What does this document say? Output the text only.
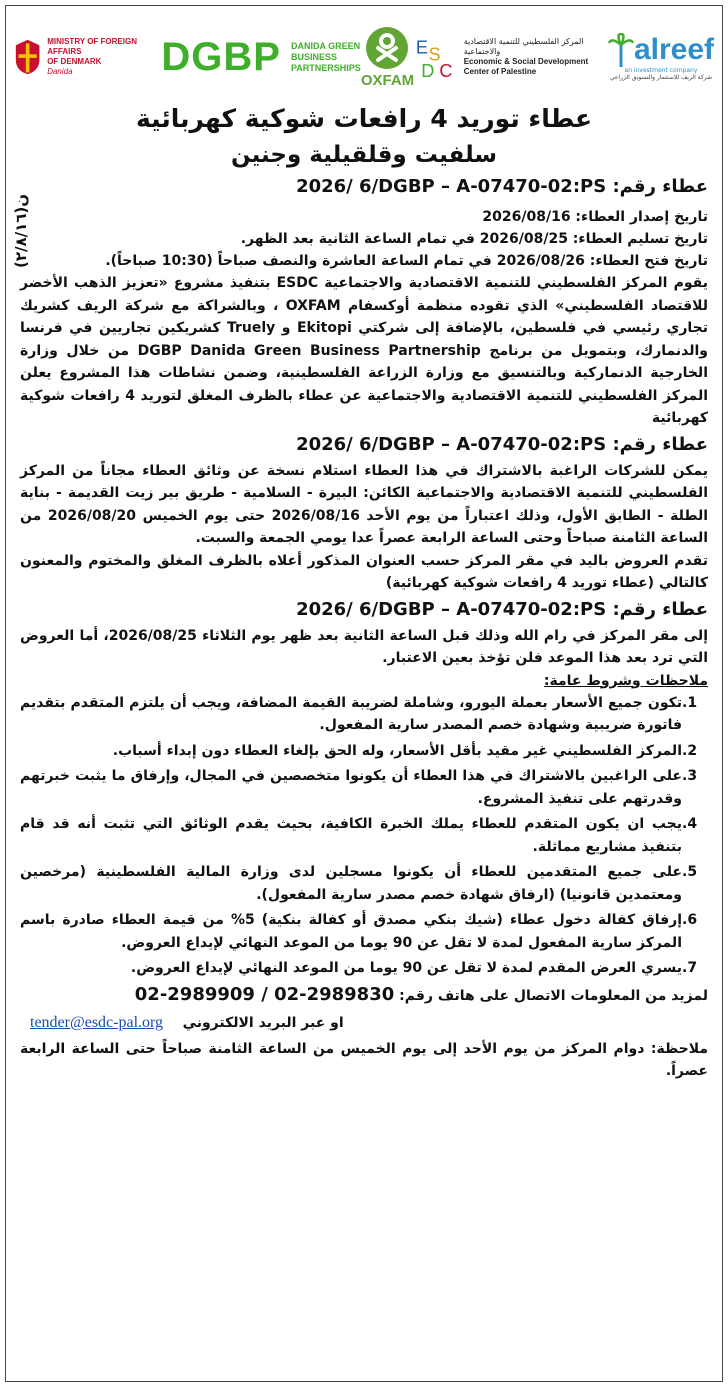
MINISTRY OF FOREIGN AFFAIRS
OF DENMARK
Danida	DGBP DANIDA GREEN
BUSINESS
PARTNERSHIPS
OXFAM
E S
D C
المركز الفلسطيني للتنمية الاقتصادية والاجتماعية
Economic & Social Development
Center of Palestine
alreef
an investment company
شركة الريف للاستثمار والتسويق الزراعي
(٢/٨/١٦)ن

عطاء توريد 4 رافعات شوكية كهربائية

سلفيت وقلقيلية وجنين

عطاء رقم: 2026/ 6/DGBP – A-07470-02:PS

تاريخ إصدار العطاء: 2026/08/16

تاريخ تسليم العطاء: 2026/08/25 في تمام الساعة الثانية بعد الظهر.

تاريخ فتح العطاء: 2026/08/26 في تمام الساعة العاشرة والنصف صباحاً (10:30 صباحاً).

يقوم المركز الفلسطيني للتنمية الاقتصادية والاجتماعية ESDC بتنفيذ مشروع «تعزيز الذهب الأخضر للاقتصاد الفلسطيني» الذي تقوده منظمة أوكسفام OXFAM ، وبالشراكة مع شركة الريف كشريك تجاري رئيسي في فلسطين، بالإضافة إلى شركتي Ekitopi و Truely كشريكين تجاريين في فرنسا والدنمارك، وبتمويل من برنامج DGBP Danida Green Business Partnership من خلال وزارة الخارجية الدنماركية وبالتنسيق مع وزارة الزراعة الفلسطينية، وضمن نشاطات هذا المشروع يعلن المركز الفلسطيني للتنمية الاقتصادية والاجتماعية عن عطاء بالظرف المغلق لتوريد 4 رافعات شوكية كهربائية

عطاء رقم: 2026/ 6/DGBP – A-07470-02:PS

يمكن للشركات الراغبة بالاشتراك في هذا العطاء استلام نسخة عن وثائق العطاء مجاناً من المركز الفلسطيني للتنمية الاقتصادية والاجتماعية الكائن: البيرة - السلامية - طريق بير زيت القديمة - بناية الطلة - الطابق الأول، وذلك اعتباراً من يوم الأحد 2026/08/16 حتى يوم الخميس 2026/08/20 من الساعة الثامنة صباحاً وحتى الساعة الرابعة عصراً عدا يومي الجمعة والسبت.

تقدم العروض باليد في مقر المركز حسب العنوان المذكور أعلاه بالظرف المغلق والمختوم والمعنون كالتالي (عطاء توريد 4 رافعات شوكية كهربائية)

عطاء رقم: 2026/ 6/DGBP – A-07470-02:PS

إلى مقر المركز في رام الله وذلك قبل الساعة الثانية بعد ظهر يوم الثلاثاء 2026/08/25، أما العروض التي ترد بعد هذا الموعد فلن تؤخذ بعين الاعتبار.

ملاحظات وشروط عامة:

1.
تكون جميع الأسعار بعملة اليورو، وشاملة لضريبة القيمة المضافة، ويجب أن يلتزم المتقدم بتقديم فاتورة ضريبية وشهادة خصم المصدر سارية المفعول.
2.
المركز الفلسطيني غير مقيد بأقل الأسعار، وله الحق بإلغاء العطاء دون إبداء أسباب.
3.
على الراغبين بالاشتراك في هذا العطاء أن يكونوا متخصصين في المجال، وإرفاق ما يثبت خبرتهم وقدرتهم على تنفيذ المشروع.
4.
يجب ان يكون المتقدم للعطاء يملك الخبرة الكافية، بحيث يقدم الوثائق التي تثبت أنه قد قام بتنفيذ مشاريع مماثلة.
5.
على جميع المتقدمين للعطاء أن يكونوا مسجلين لدى وزارة المالية الفلسطينية (مرخصين ومعتمدين قانونيا) (ارفاق شهادة خصم مصدر سارية المفعول).
6.
إرفاق كفالة دخول عطاء (شيك بنكي مصدق أو كفالة بنكية) 5% من قيمة العطاء صادرة باسم المركز سارية المفعول لمدة لا تقل عن 90 يوما من الموعد النهائي لإيداع العروض.
7.
يسري العرض المقدم لمدة لا تقل عن 90 يوما من الموعد النهائي لإيداع العروض.

لمزيد من المعلومات الاتصال على هاتف رقم: 02-2989909 / 02-2989830

او عبر البريد الالكتروني    tender@esdc-pal.org

ملاحظة: دوام المركز من يوم الأحد إلى يوم الخميس من الساعة الثامنة صباحاً حتى الساعة الرابعة عصراً.
